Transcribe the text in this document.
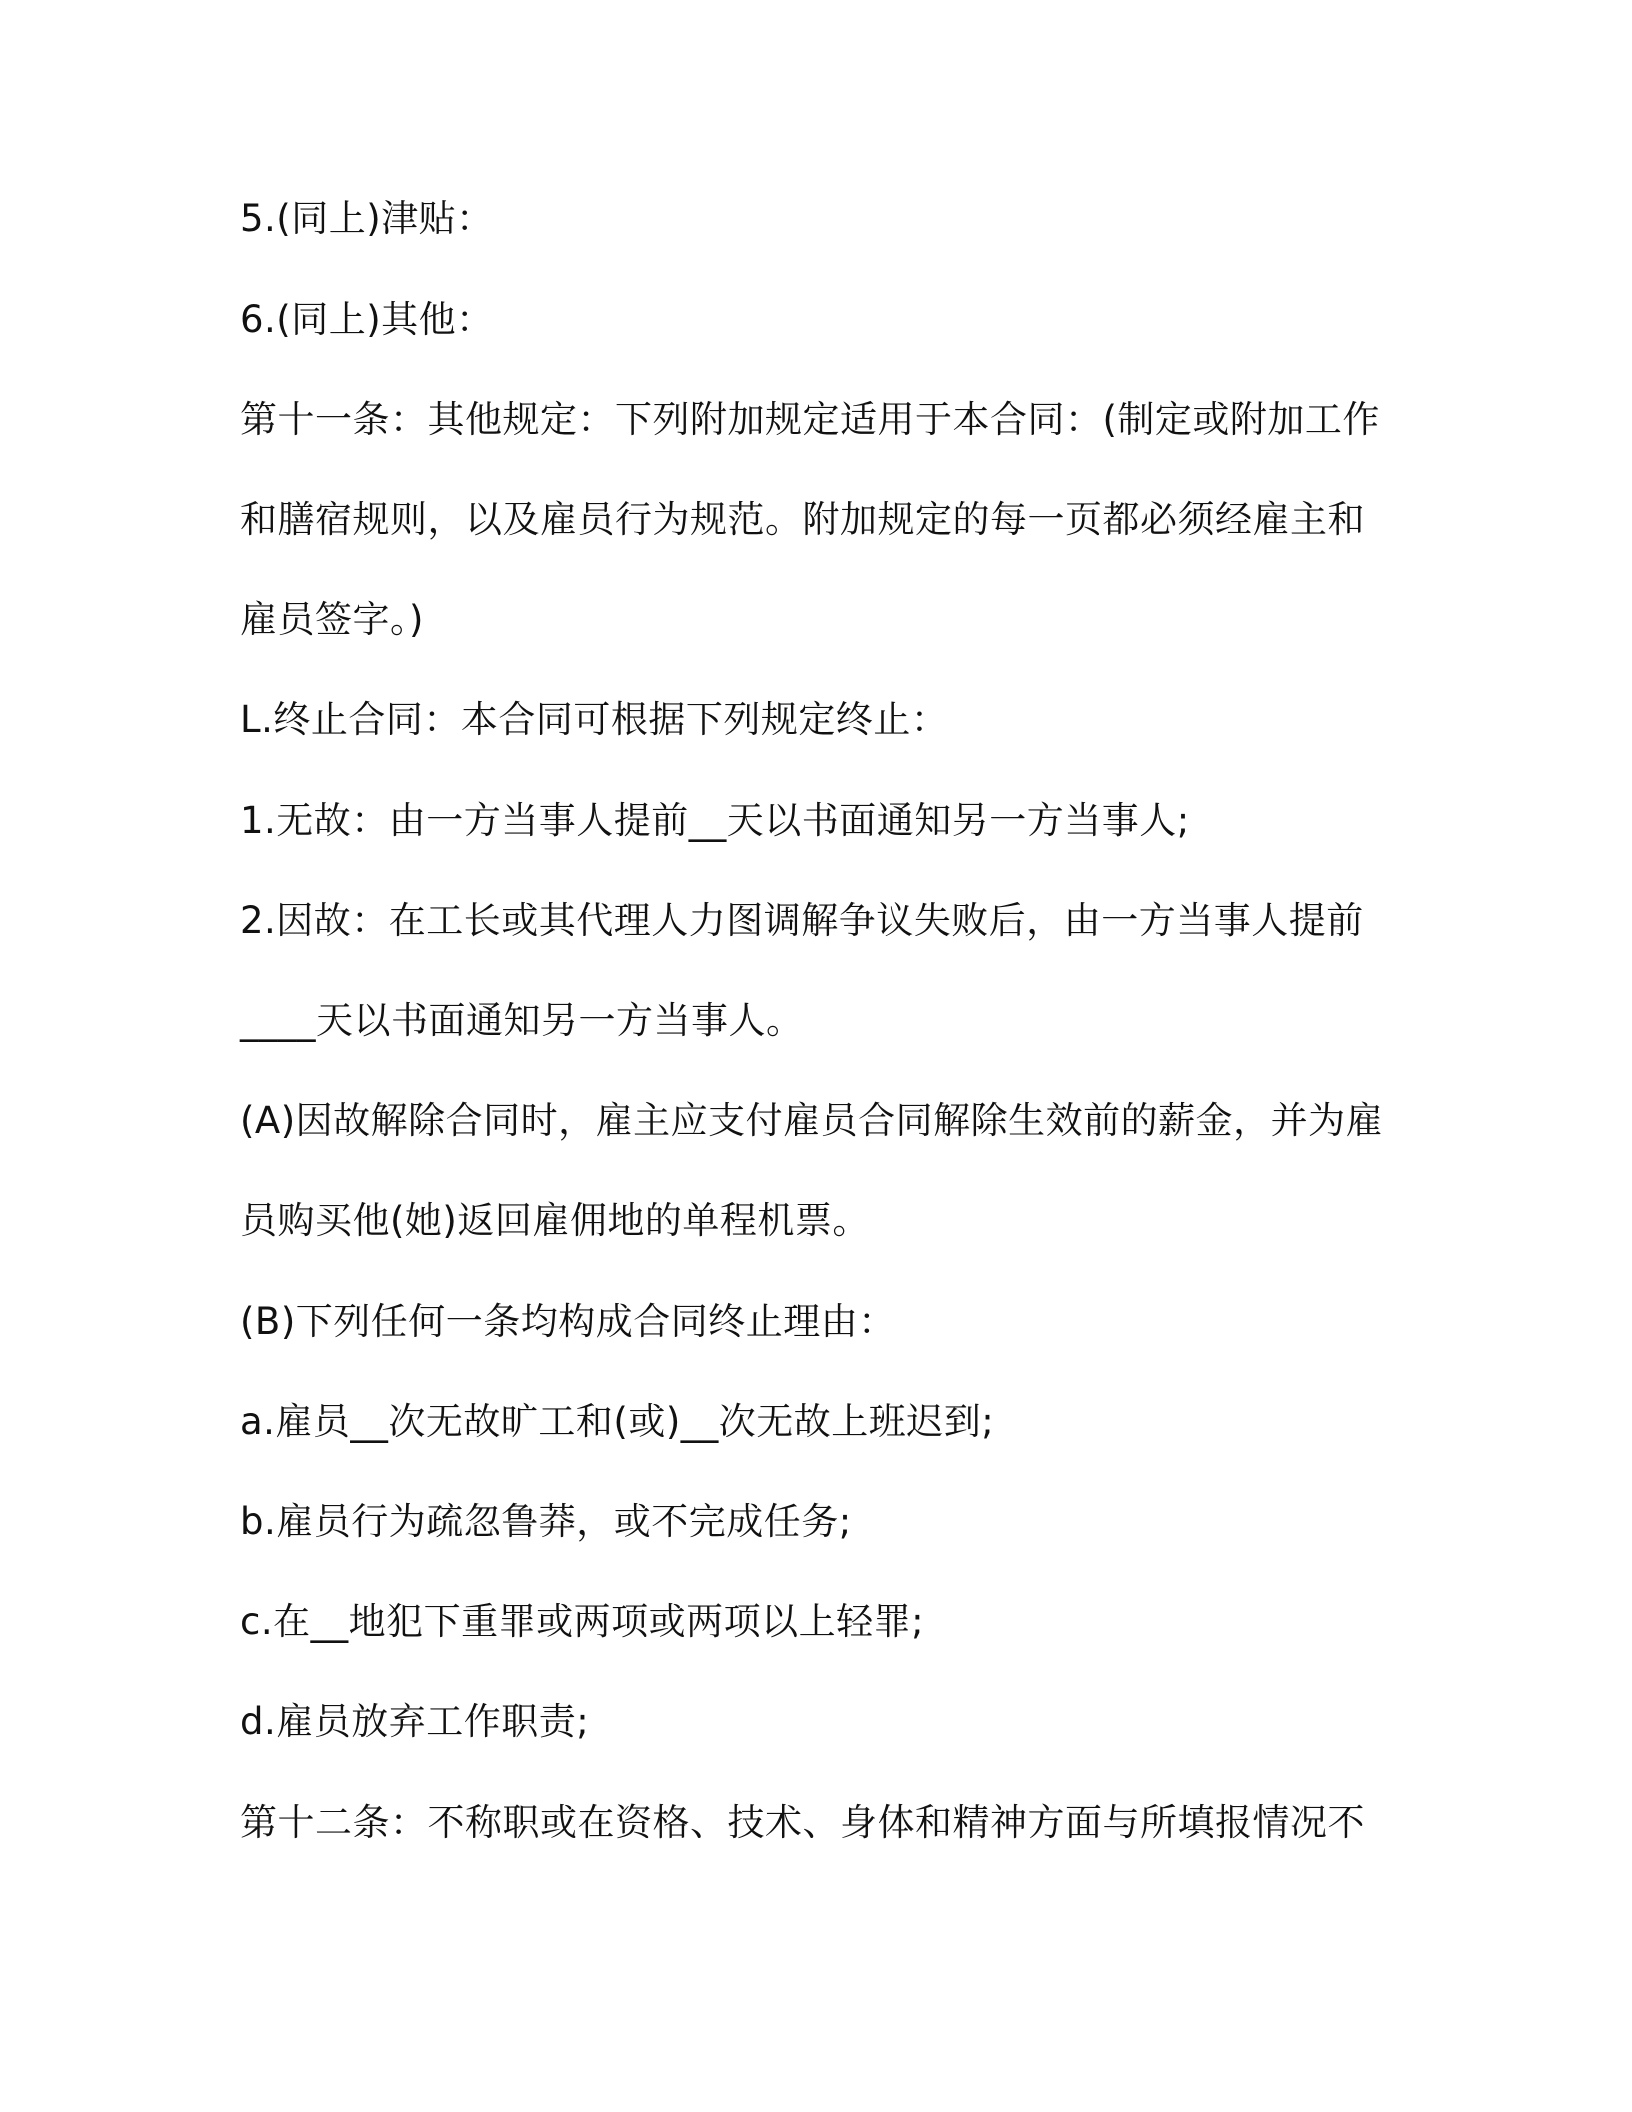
5.(同上)津贴：
6.(同上)其他：
第十一条：其他规定：下列附加规定适用于本合同：(制定或附加工作
和膳宿规则，以及雇员行为规范。附加规定的每一页都必须经雇主和
雇员签字。)
L.终止合同：本合同可根据下列规定终止：
1.无故：由一方当事人提前__天以书面通知另一方当事人;
2.因故：在工长或其代理人力图调解争议失败后，由一方当事人提前
____天以书面通知另一方当事人。
(A)因故解除合同时，雇主应支付雇员合同解除生效前的薪金，并为雇
员购买他(她)返回雇佣地的单程机票。
(B)下列任何一条均构成合同终止理由：
a.雇员__次无故旷工和(或)__次无故上班迟到;
b.雇员行为疏忽鲁莽，或不完成任务;
c.在__地犯下重罪或两项或两项以上轻罪;
d.雇员放弃工作职责;
第十二条：不称职或在资格、技术、身体和精神方面与所填报情况不
